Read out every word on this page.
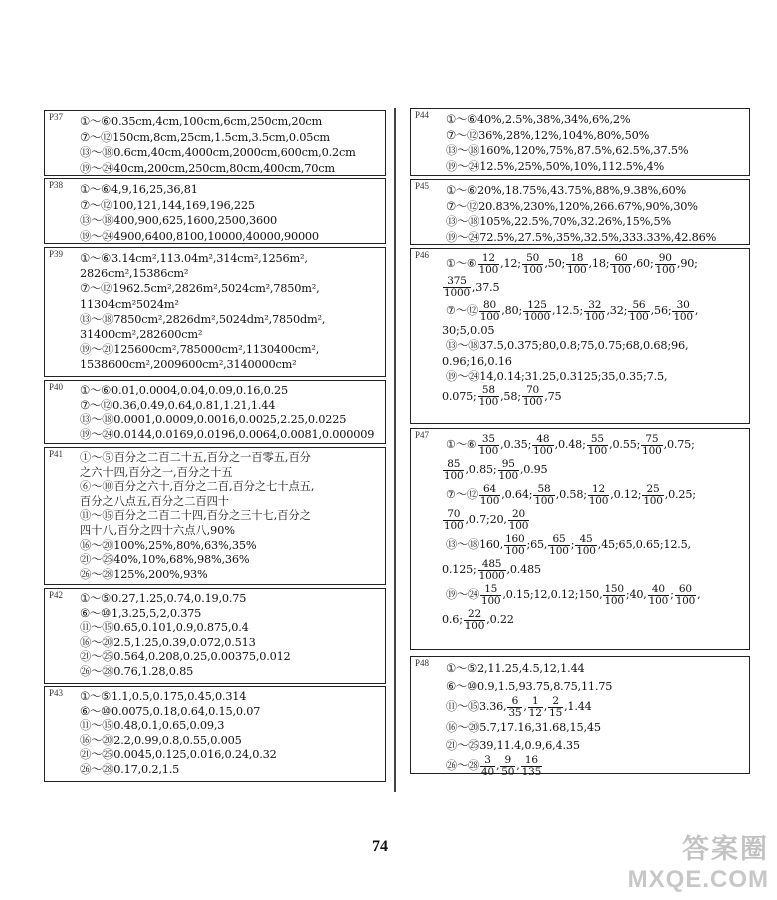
P37	①～⑥0.35cm,4cm,100cm,6cm,250cm,20cm
⑦～⑫150cm,8cm,25cm,1.5cm,3.5cm,0.05cm
⑬～⑱0.6cm,40cm,4000cm,2000cm,600cm,0.2cm
⑲～㉔40cm,200cm,250cm,80cm,400cm,70cm
P38	①～⑥4,9,16,25,36,81
⑦～⑫100,121,144,169,196,225
⑬～⑱400,900,625,1600,2500,3600
⑲～㉔4900,6400,8100,10000,40000,90000
P39	①～⑥3.14cm²,113.04m²,314cm²,1256m²,
2826cm²,15386cm²
⑦～⑫1962.5cm²,2826m²,5024cm²,7850m²,
11304cm²5024m²
⑬～⑱7850cm²,2826dm²,5024dm²,7850dm²,
31400cm²,282600cm²
⑲～㉑125600cm²,785000cm²,1130400cm²,
1538600cm²,2009600cm²,3140000cm²
P40	①～⑥0.01,0.0004,0.04,0.09,0.16,0.25
⑦～⑫0.36,0.49,0.64,0.81,1.21,1.44
⑬～⑱0.0001,0.0009,0.0016,0.0025,2.25,0.0225
⑲～㉔0.0144,0.0169,0.0196,0.0064,0.0081,0.000009
P41	①～⑤百分之二百二十五,百分之一百零五,百分
之六十四,百分之一,百分之十五
⑥～⑩百分之六十,百分之二百,百分之七十点五,
百分之八点五,百分之二百四十
⑪～⑮百分之二百二十四,百分之三十七,百分之
四十八,百分之四十六点八,90%
⑯～⑳100%,25%,80%,63%,35%
㉑～㉕40%,10%,68%,98%,36%
㉖～㉘125%,200%,93%
P42	①～⑤0.27,1.25,0.74,0.19,0.75
⑥～⑩1,3.25,5,2,0.375
⑪～⑮0.65,0.101,0.9,0.875,0.4
⑯～⑳2.5,1.25,0.39,0.072,0.513
㉑～㉕0.564,0.208,0.25,0.00375,0.012
㉖～㉘0.76,1.28,0.85
P43	①～⑤1.1,0.5,0.175,0.45,0.314
⑥～⑩0.0075,0.18,0.64,0.15,0.07
⑪～⑮0.48,0.1,0.65,0.09,3
⑯～⑳2.2,0.99,0.8,0.55,0.005
㉑～㉕0.0045,0.125,0.016,0.24,0.32
㉖～㉘0.17,0.2,1.5
P44	①～⑥40%,2.5%,38%,34%,6%,2%
⑦～⑫36%,28%,12%,104%,80%,50%
⑬～⑱160%,120%,75%,87.5%,62.5%,37.5%
⑲～㉔12.5%,25%,50%,10%,112.5%,4%
P45	①～⑥20%,18.75%,43.75%,88%,9.38%,60%
⑦～⑫20.83%,230%,120%,266.67%,90%,30%
⑬～⑱105%,22.5%,70%,32.26%,15%,5%
⑲～㉔72.5%,27.5%,35%,32.5%,333.33%,42.86%
P46
①～⑥ $\frac{12}{100} ,12$; $\frac{50}{100} ,50$; $\frac{18}{100} ,18$; $\frac{60}{100} ,60$; $\frac{90}{100} ,90$;
$\frac{375}{1000} ,37.5$
⑦～⑫ $\frac{80}{100} ,80$; $\frac{125}{1000} ,12.5$; $\frac{32}{100} ,32$; $\frac{56}{100} ,56$; $\frac{30}{100}$ ,
30;5,0.05
⑬～⑱37.5,0.375;80,0.8;75,0.75;68,0.68;96,
0.96;16,0.16
⑲～㉔14,0.14;31.25,0.3125;35,0.35;7.5,
0.075; $\frac{58}{100} ,58$; $\frac{70}{100} ,75$
P47
①～⑥ $\frac{35}{100} ,0.35$; $\frac{48}{100} ,0.48$; $\frac{55}{100} ,0.55$; $\frac{75}{100} ,0.75$;
$\frac{85}{100} ,0.85$; $\frac{95}{100} ,0.95$
⑦～⑫ $\frac{64}{100} ,0.64$; $\frac{58}{100} ,0.58$; $\frac{12}{100} ,0.12$; $\frac{25}{100} ,0.25$;
$\frac{70}{100}$ ,0.7;20, $\frac{20}{100}$
⑬～⑱160, $\frac{160}{100}$ ;65, $\frac{65}{100}$ ; $\frac{45}{100}$ ,45;65,0.65;12.5,
0.125; $\frac{485}{1000} ,0.485$
⑲～㉔ $\frac{15}{100}$ ,0.15;12,0.12;150, $\frac{150}{100}$ ;40, $\frac{40}{100}$ ; $\frac{60}{100}$ ,
0.6; $\frac{22}{100} ,0.22$
P48	①～⑤2,11.25,4.5,12,1.44
⑥～⑩0.9,1.5,93.75,8.75,11.75
⑪～⑮3.36, $\frac{6}{35}$ , $\frac{1}{12}$ , $\frac{2}{15} ,1.44$
⑯～⑳5.7,17.16,31.68,15,45
㉑～㉕39,11.4,0.9,6,4.35
㉖～㉘ $\frac{3}{40}$ , $\frac{9}{50}$ , $\frac{16}{135}$
74	答案圈
MXQE.COM
